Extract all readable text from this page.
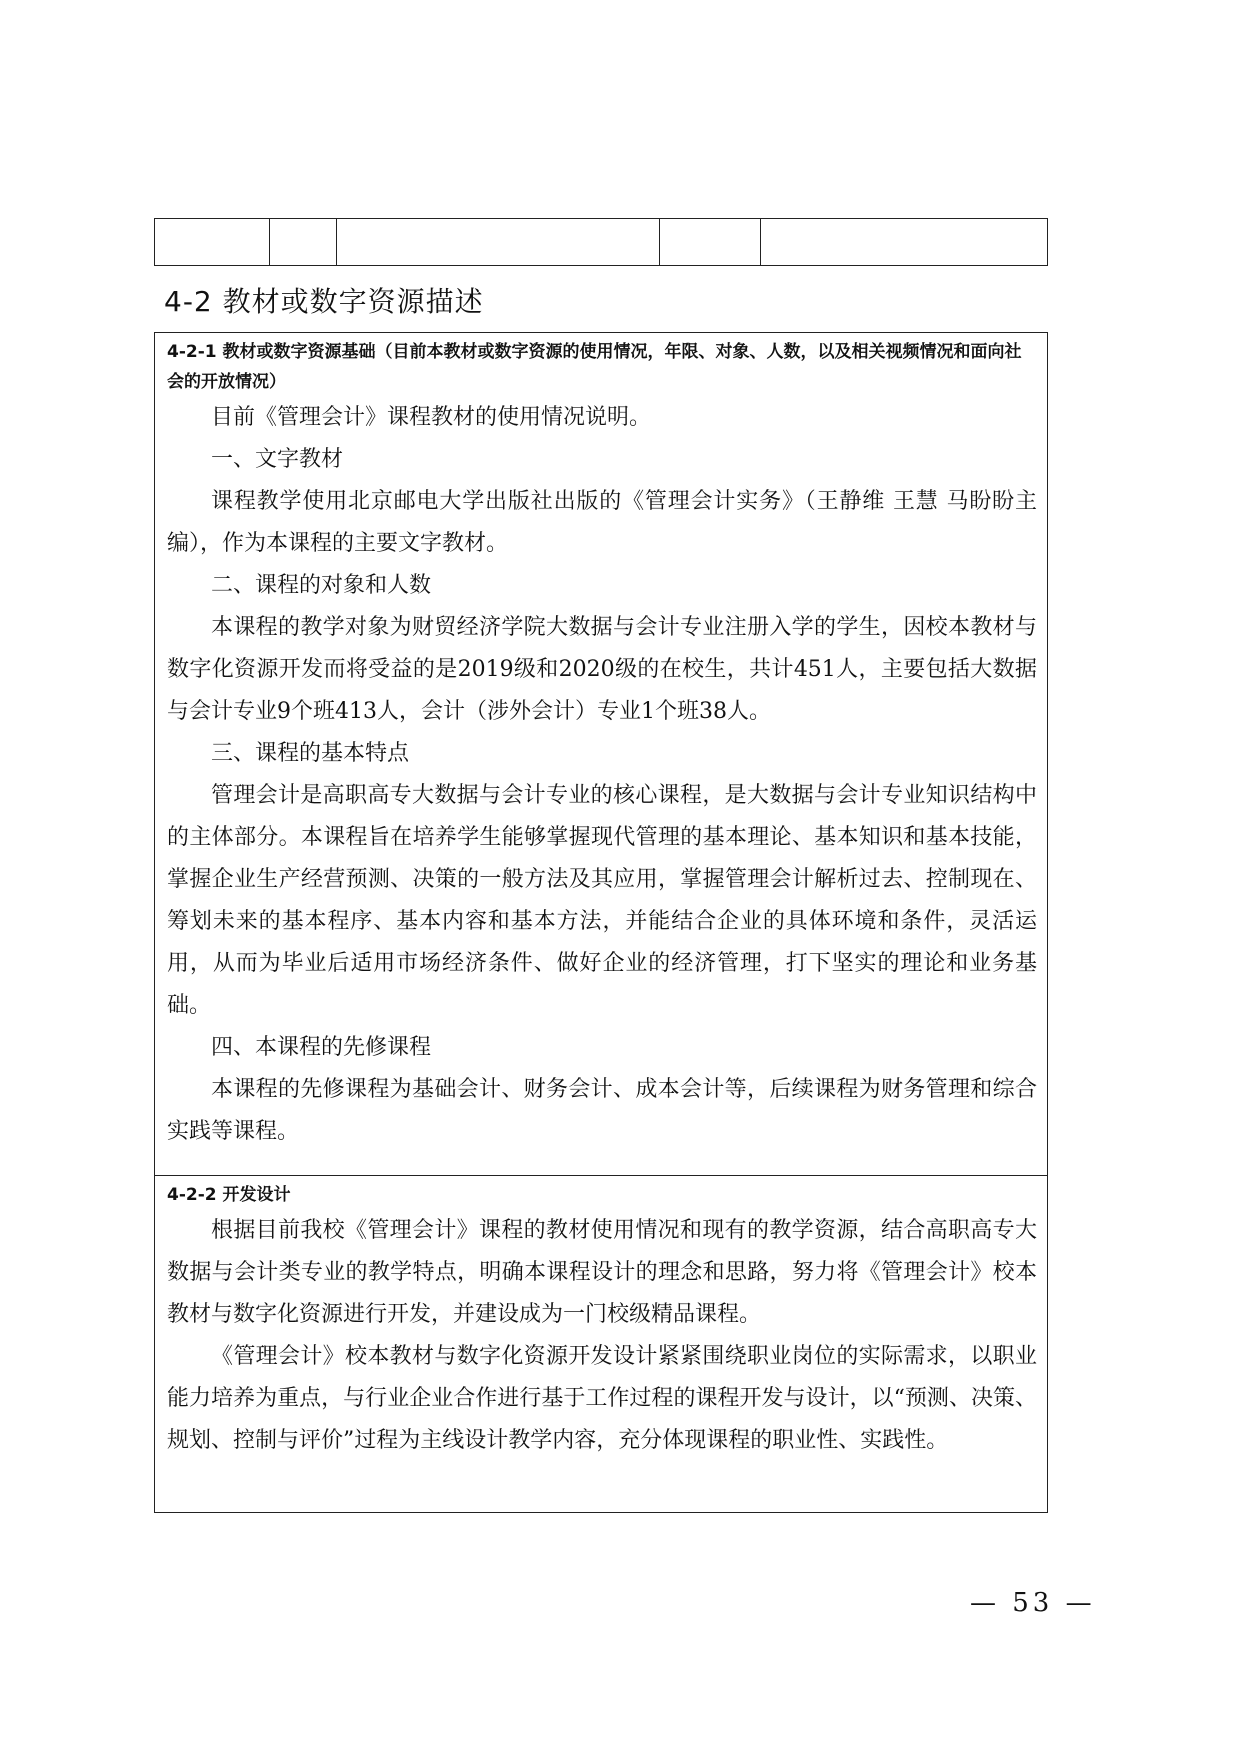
4-2 教材或数字资源描述

4-2-1 教材或数字资源基础（目前本教材或数字资源的使用情况，年限、对象、人数，以及相关视频情况和面向社会的开放情况）

目前《管理会计》课程教材的使用情况说明。

一、文字教材

课程教学使用北京邮电大学出版社出版的《管理会计实务》（王静维 王慧 马盼盼主编），作为本课程的主要文字教材。

二、课程的对象和人数

本课程的教学对象为财贸经济学院大数据与会计专业注册入学的学生，因校本教材与数字化资源开发而将受益的是2019级和2020级的在校生，共计451人，主要包括大数据与会计专业9个班413人，会计（涉外会计）专业1个班38人。

三、课程的基本特点

管理会计是高职高专大数据与会计专业的核心课程，是大数据与会计专业知识结构中的主体部分。本课程旨在培养学生能够掌握现代管理的基本理论、基本知识和基本技能，掌握企业生产经营预测、决策的一般方法及其应用，掌握管理会计解析过去、控制现在、筹划未来的基本程序、基本内容和基本方法，并能结合企业的具体环境和条件，灵活运用，从而为毕业后适用市场经济条件、做好企业的经济管理，打下坚实的理论和业务基础。

四、本课程的先修课程

本课程的先修课程为基础会计、财务会计、成本会计等，后续课程为财务管理和综合实践等课程。

4-2-2 开发设计

根据目前我校《管理会计》课程的教材使用情况和现有的教学资源，结合高职高专大数据与会计类专业的教学特点，明确本课程设计的理念和思路，努力将《管理会计》校本教材与数字化资源进行开发，并建设成为一门校级精品课程。

《管理会计》校本教材与数字化资源开发设计紧紧围绕职业岗位的实际需求，以职业能力培养为重点，与行业企业合作进行基于工作过程的课程开发与设计，以“预测、决策、规划、控制与评价”过程为主线设计教学内容，充分体现课程的职业性、实践性。

— 53 —
